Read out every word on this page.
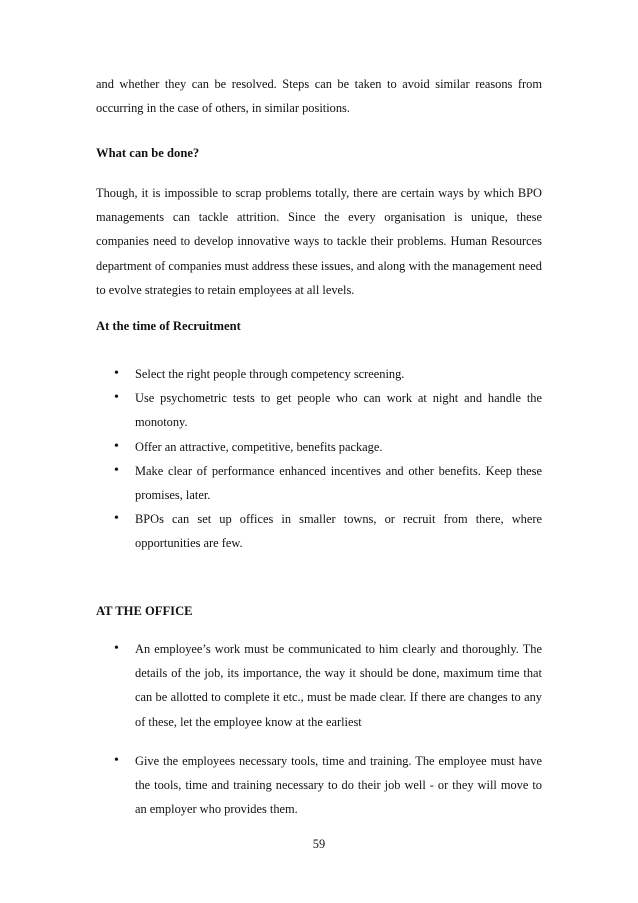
and whether they can be resolved. Steps can be taken to avoid similar reasons from occurring in the case of others, in similar positions.

What can be done?

Though, it is impossible to scrap problems totally, there are certain ways by which BPO managements can tackle attrition. Since the every organisation is unique, these companies need to develop innovative ways to tackle their problems. Human Resources department of companies must address these issues, and along with the management need to evolve strategies to retain employees at all levels.

At the time of Recruitment

•	Select the right people through competency screening.
•	Use psychometric tests to get people who can work at night and handle the monotony.
•	Offer an attractive, competitive, benefits package.
•	Make clear of performance enhanced incentives and other benefits. Keep these promises, later.
•	BPOs can set up offices in smaller towns, or recruit from there, where opportunities are few.

AT THE OFFICE

•	An employee’s work must be communicated to him clearly and thoroughly. The details of the job, its importance, the way it should be done, maximum time that can be allotted to complete it etc., must be made clear. If there are changes to any of these, let the employee know at the earliest
•	Give the employees necessary tools, time and training. The employee must have the tools, time and training necessary to do their job well - or they will move to an employer who provides them.
59
